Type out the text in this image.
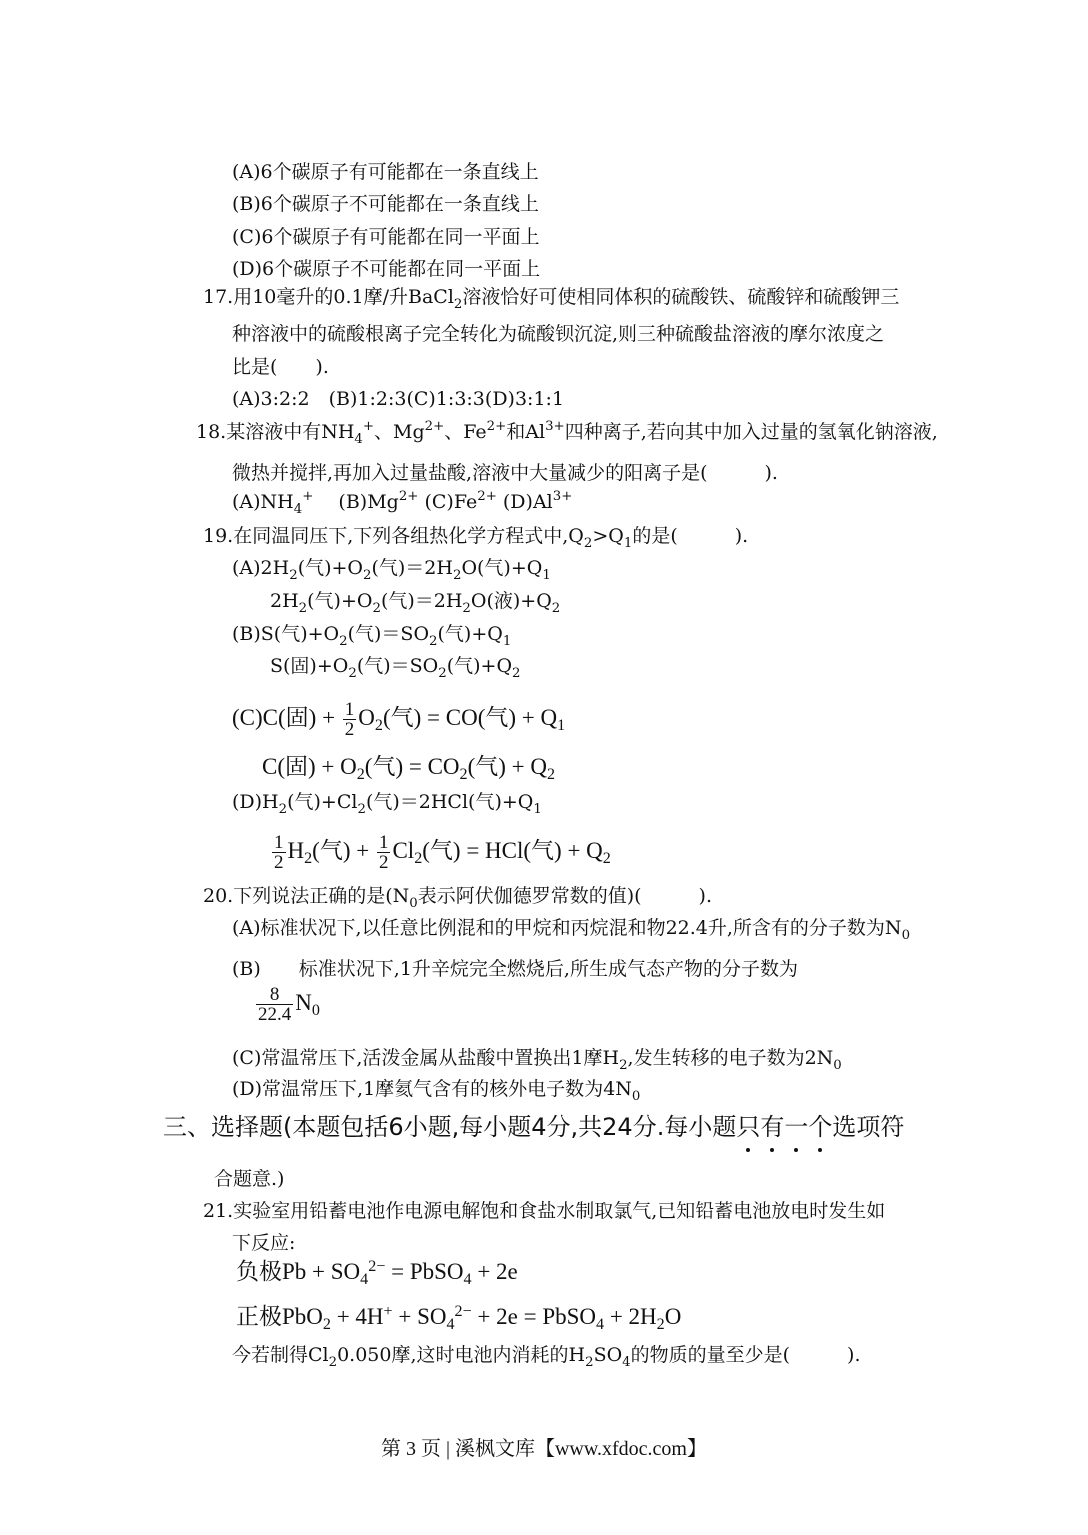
(A)6个碳原子有可能都在一条直线上
(B)6个碳原子不可能都在一条直线上
(C)6个碳原子有可能都在同一平面上
(D)6个碳原子不可能都在同一平面上
17.用10毫升的0.1摩/升BaCl$_2$溶液恰好可使相同体积的硫酸铁、硫酸锌和硫酸钾三
种溶液中的硫酸根离子完全转化为硫酸钡沉淀,则三种硫酸盐溶液的摩尔浓度之
比是(　　).
(A)3:2:2　(B)1:2:3(C)1:3:3(D)3:1:1
18.某溶液中有$NH_4^+$、$Mg^{2+}$、$Fe^{2+}$和$Al^{3+}$四种离子,若向其中加入过量的氢氧化钠溶液,
微热并搅拌,再加入过量盐酸,溶液中大量减少的阳离子是(　　　).
$(A)NH_4^+$　 $(B)Mg^{2+}$ $(C)Fe^{2+}$ $(D)Al^{3+}$
19.在同温同压下,下列各组热化学方程式中$,Q_2>Q_1$的是(　　　).
$(A)2H_2$(气)$+O_2$(气)$=2H_2O$(气)$+Q_1$
$2H_2$(气)$+O_2$(气)$=2H_2O$(液)$+Q_2$
(B)S(气)$+O_2$(气)$=SO_2$(气)$+Q_1$
S(固)$+O_2$(气)$=SO_2$(气)$+Q_2$
(C)C(固) + $\frac{1}{2} O_2$(气) = CO(气) + $Q_1$
C(固) + $O_2$(气) = $CO_2$(气) + $Q_2$
$(D)H_2$(气)$+Cl_2$(气)＝2HCl(气)$+Q_1$
$\frac{1}{2} H_2$(气) + $\frac{1}{2} Cl_2$(气) = HCl(气) + $Q_2$
20.下列说法正确的是($N_0$表示阿伏伽德罗常数的值)(　　　).
(A)标准状况下,以任意比例混和的甲烷和丙烷混和物22.4升,所含有的分子数为$N_0$
(B)　　标准状况下,1升辛烷完全燃烧后,所生成气态产物的分子数为
$\frac{8}{22.4} N_0$
(C)常温常压下,活泼金属从盐酸中置换出1摩$H_2$,发生转移的电子数为$2N_0$
(D)常温常压下,1摩氦气含有的核外电子数为$4N_0$
三、选择题(本题包括6小题,每小题4分,共24分.每小题只有一个选项符
合题意.)
21.实验室用铅蓄电池作电源电解饱和食盐水制取氯气,已知铅蓄电池放电时发生如
下反应:
负极$Pb + SO_4^{2-}$ = PbSO$_4$ + 2e
正极$PbO_2 + 4H^+ + SO_4^{2-} + 2e$ = PbSO$_4$ + $2H_2O$
今若制得$Cl_20.050$摩,这时电池内消耗的$H_2SO_4$的物质的量至少是(　　　).
第 3 页 | 溪枫文库【www.xfdoc.com】
